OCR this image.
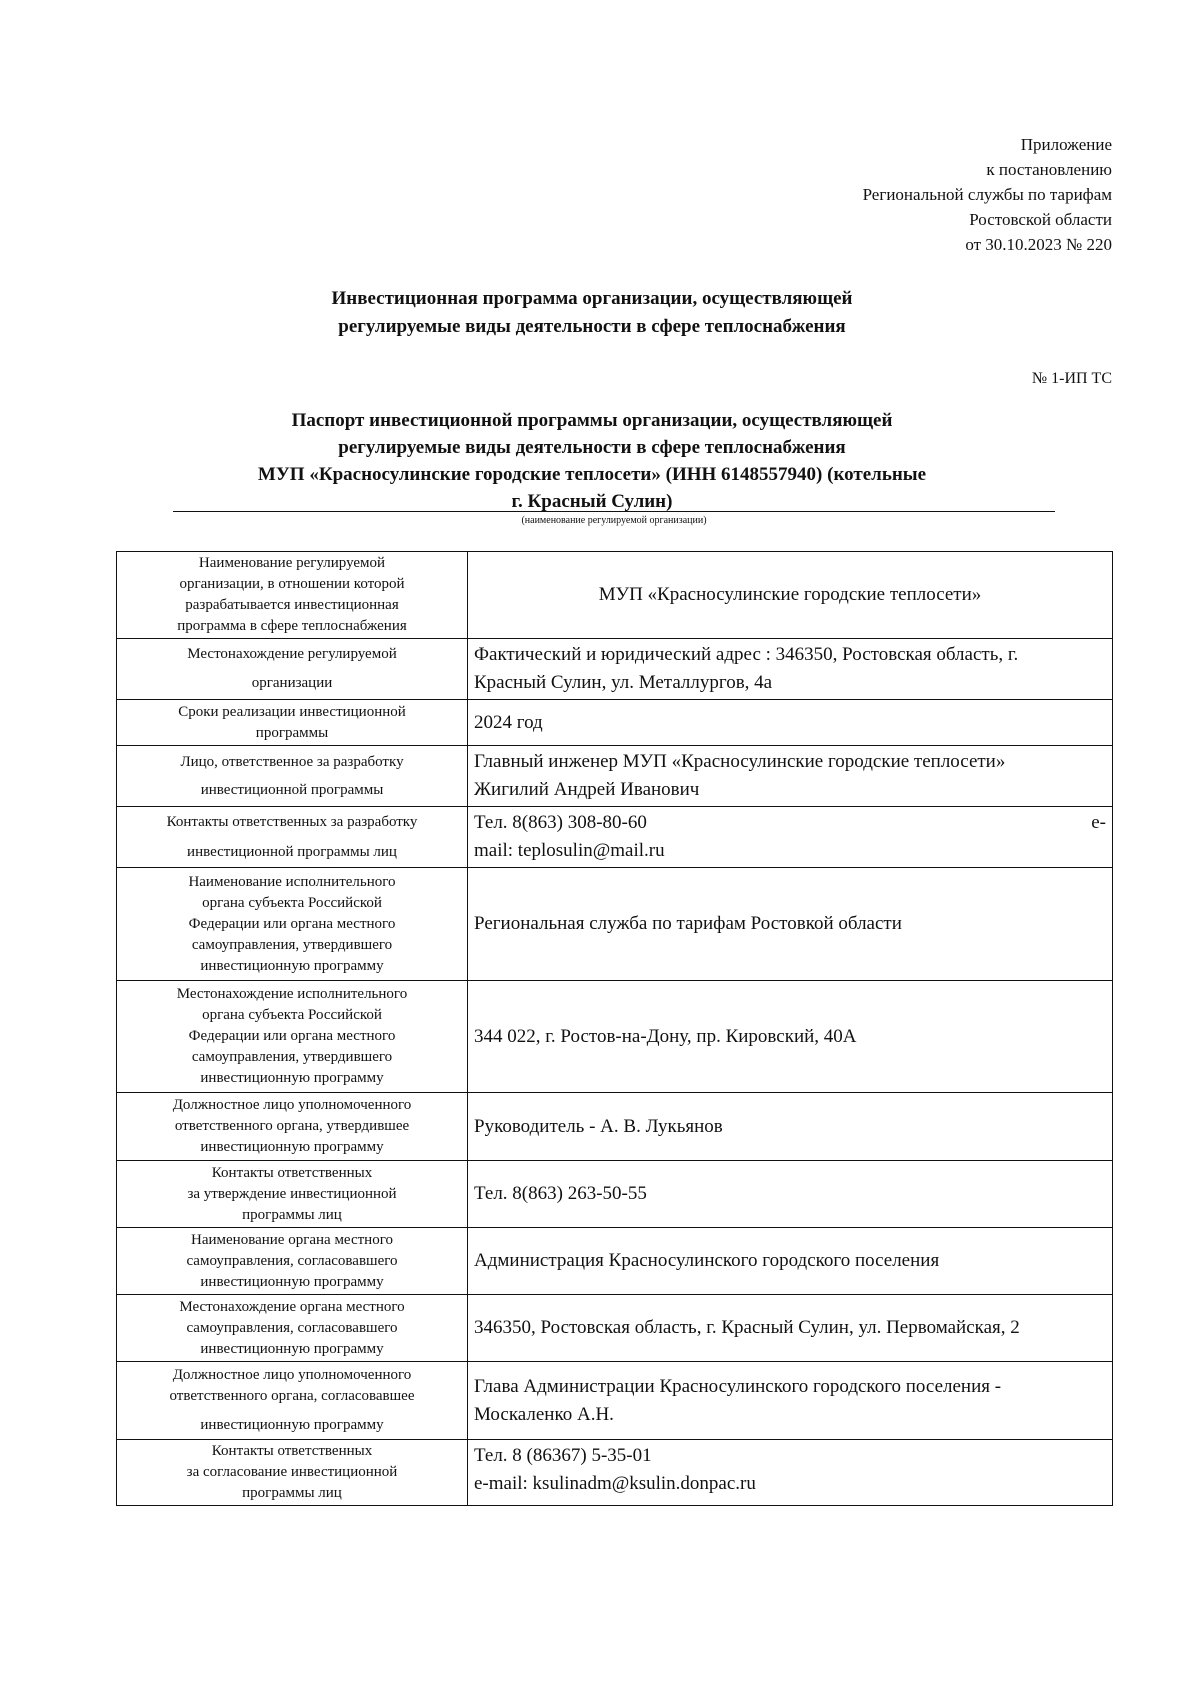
Приложение
к постановлению
Региональной службы по тарифам
Ростовской области
от 30.10.2023 № 220
Инвестиционная программа организации, осуществляющей
регулируемые виды деятельности в сфере теплоснабжения
№ 1-ИП ТС
Паспорт инвестиционной программы организации, осуществляющей
регулируемые виды деятельности в сфере теплоснабжения
МУП «Красносулинские городские теплосети» (ИНН 6148557940) (котельные
г. Красный Сулин)
(наименование регулируемой организации)
Наименование регулируемой
организации, в отношении которой
разрабатывается инвестиционная
программа в сфере теплоснабжения	МУП «Красносулинские городские теплосети»

Местонахождение регулируемой
организации	Фактический и юридический адрес : 346350, Ростовская область, г.
Красный Сулин, ул. Металлургов, 4а

Сроки реализации инвестиционной
программы	2024 год

Лицо, ответственное за разработку
инвестиционной программы	Главный инженер МУП «Красносулинские городские теплосети»
Жигилий Андрей Иванович

Контакты ответственных за разработку
инвестиционной программы лиц	Тел. 8(863) 308-80-60 e-
mail: teplosulin@mail.ru

Наименование исполнительного
органа субъекта Российской
Федерации или органа местного
самоуправления, утвердившего
инвестиционную программу	Региональная служба по тарифам Ростовкой области

Местонахождение исполнительного
органа субъекта Российской
Федерации или органа местного
самоуправления, утвердившего
инвестиционную программу	344 022, г. Ростов-на-Дону, пр. Кировский, 40А

Должностное лицо уполномоченного
ответственного органа, утвердившее
инвестиционную программу	Руководитель - А. В. Лукьянов

Контакты ответственных
за утверждение инвестиционной
программы лиц	Тел. 8(863) 263-50-55

Наименование органа местного
самоуправления, согласовавшего
инвестиционную программу	Администрация Красносулинского городского поселения

Местонахождение органа местного
самоуправления, согласовавшего
инвестиционную программу	346350, Ростовская область, г. Красный Сулин, ул. Первомайская, 2

Должностное лицо уполномоченного
ответственного органа, согласовавшее
инвестиционную программу	Глава Администрации Красносулинского городского поселения -
Москаленко А.Н.

Контакты ответственных
за согласование инвестиционной
программы лиц	Тел. 8 (86367) 5-35-01
e-mail: ksulinadm@ksulin.donpac.ru
